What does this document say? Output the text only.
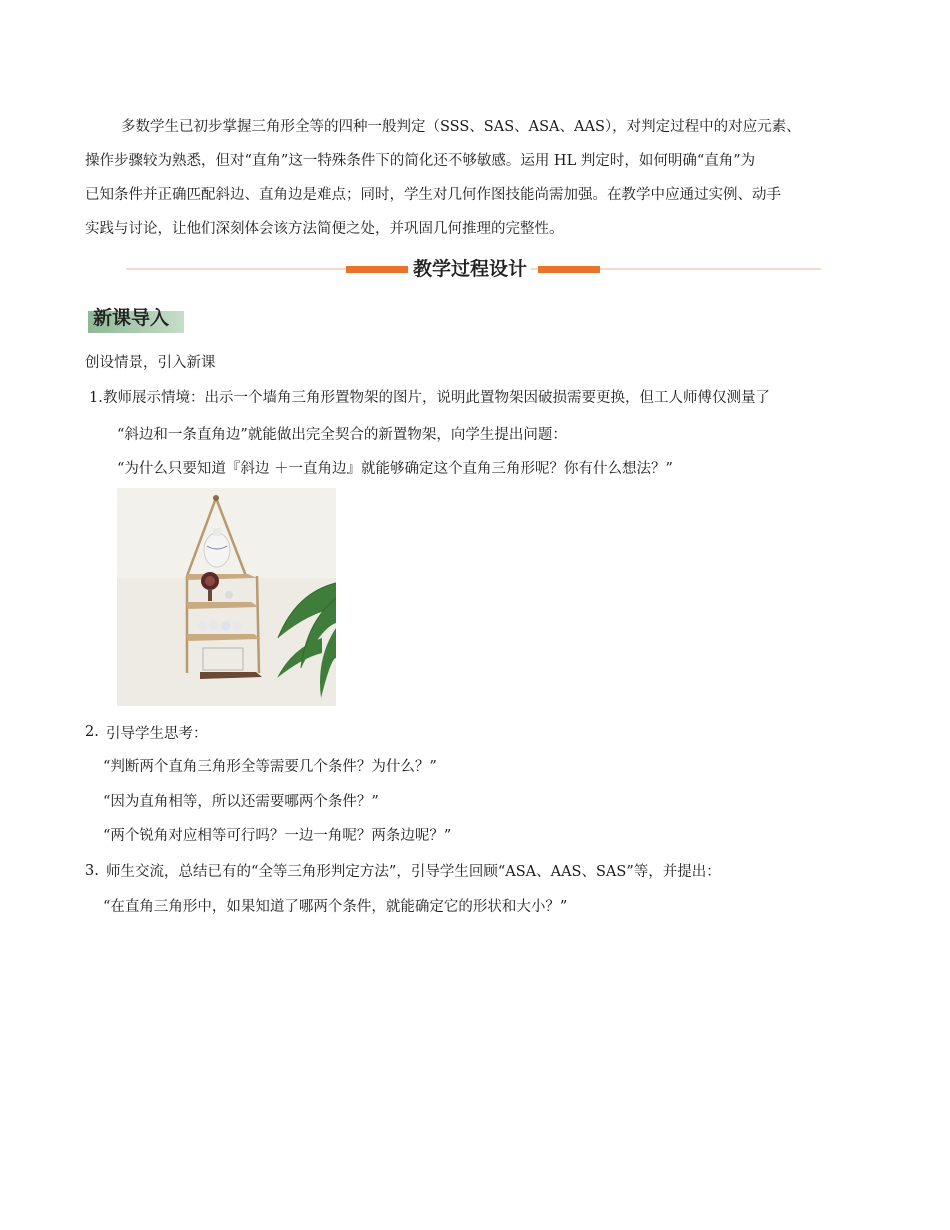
多数学生已初步掌握三角形全等的四种一般判定（SSS、SAS、ASA、AAS），对判定过程中的对应元素、
操作步骤较为熟悉，但对“直角”这一特殊条件下的简化还不够敏感。运用 HL 判定时，如何明确“直角”为
已知条件并正确匹配斜边、直角边是难点；同时，学生对几何作图技能尚需加强。在教学中应通过实例、动手
实践与讨论，让他们深刻体会该方法简便之处，并巩固几何推理的完整性。
教学过程设计
新课导入
创设情景，引入新课
1. 教师展示情境：出示一个墙角三角形置物架的图片，说明此置物架因破损需要更换，但工人师傅仅测量了
“斜边和一条直角边”就能做出完全契合的新置物架，向学生提出问题：
“为什么只要知道『斜边 ＋一直角边』就能够确定这个直角三角形呢？你有什么想法？”
2. 引导学生思考：
“判断两个直角三角形全等需要几个条件？为什么？”
“因为直角相等，所以还需要哪两个条件？”
“两个锐角对应相等可行吗？一边一角呢？两条边呢？”
3. 师生交流，总结已有的“全等三角形判定方法”，引导学生回顾“ASA、AAS、SAS”等，并提出：
“在直角三角形中，如果知道了哪两个条件，就能确定它的形状和大小？”
